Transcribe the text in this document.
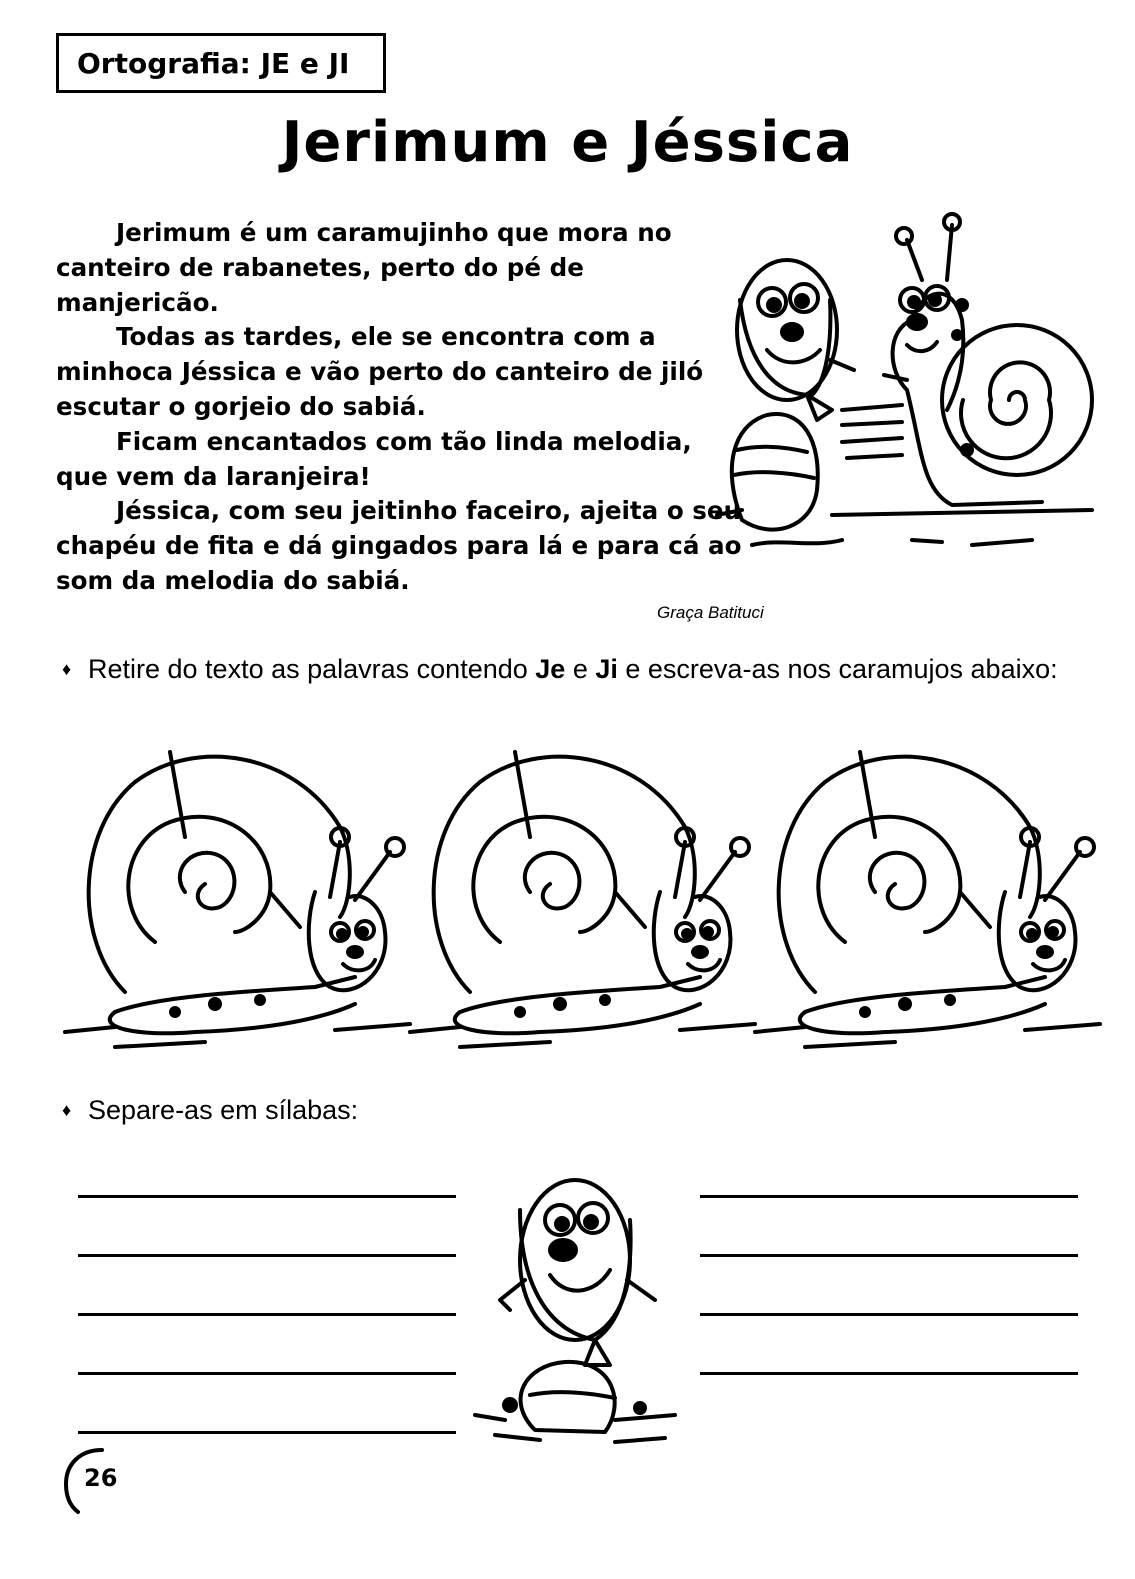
Ortografia: JE e JI
Jerimum e Jéssica

Jerimum é um caramujinho que mora no canteiro de rabanetes, perto do pé de manjericão.

Todas as tardes, ele se encontra com a minhoca Jéssica e vão perto do canteiro de jiló escutar o gorjeio do sabiá.

Ficam encantados com tão linda melodia, que vem da laranjeira!

Jéssica, com seu jeitinho faceiro, ajeita o seu chapéu de fita e dá gingados para lá e para cá ao som da melodia do sabiá.

Graça Batituci
♦ Retire do texto as palavras contendo Je e Ji e escreva-as nos caramujos abaixo:
♦ Separe-as em sílabas:
26
